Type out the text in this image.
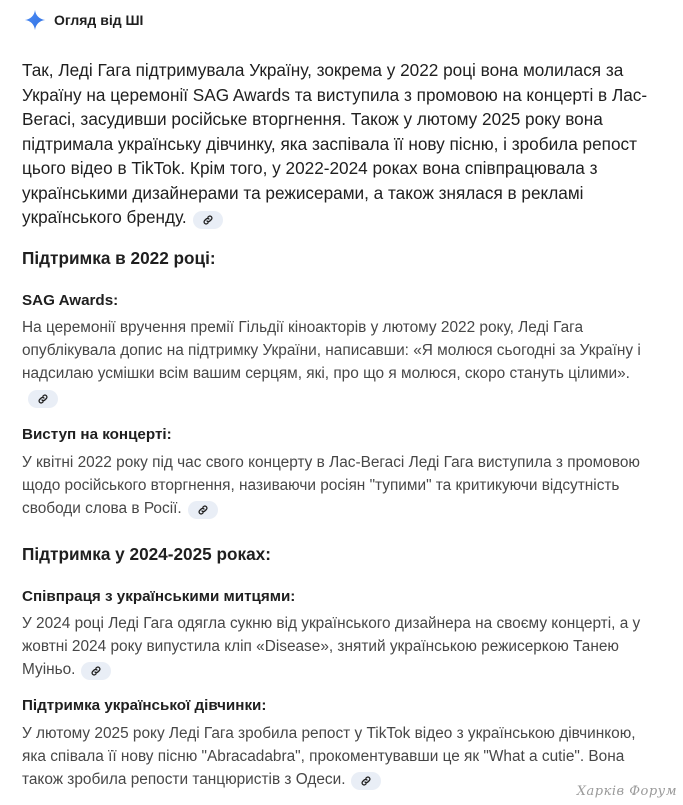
Огляд від ШІ
Так, Леді Гага підтримувала Україну, зокрема у 2022 році вона молилася за Україну на церемонії SAG Awards та виступила з промовою на концерті в Лас-Вегасі, засудивши російське вторгнення. Також у лютому 2025 року вона підтримала українську дівчинку, яка заспівала її нову пісню, і зробила репост цього відео в TikTok. Крім того, у 2022-2024 роках вона співпрацювала з українськими дизайнерами та режисерами, а також знялася в рекламі українського бренду.
Підтримка в 2022 році:
SAG Awards:
На церемонії вручення премії Гільдії кіноакторів у лютому 2022 року, Леді Гага опублікувала допис на підтримку України, написавши: «Я молюся сьогодні за Україну і надсилаю усмішки всім вашим серцям, які, про що я молюся, скоро стануть цілими».
Виступ на концерті:
У квітні 2022 року під час свого концерту в Лас-Вегасі Леді Гага виступила з промовою щодо російського вторгнення, називаючи росіян "тупими" та критикуючи відсутність свободи слова в Росії.
Підтримка у 2024-2025 роках:
Співпраця з українськими митцями:
У 2024 році Леді Гага одягла сукню від українського дизайнера на своєму концерті, а у жовтні 2024 року випустила кліп «Disease», знятий українською режисеркою Танею Муіньо.
Підтримка української дівчинки:
У лютому 2025 року Леді Гага зробила репост у TikTok відео з українською дівчинкою, яка співала її нову пісню "Abracadabra", прокоментувавши це як "What a cutie". Вона також зробила репости танцюристів з Одеси.
Харків Форум
